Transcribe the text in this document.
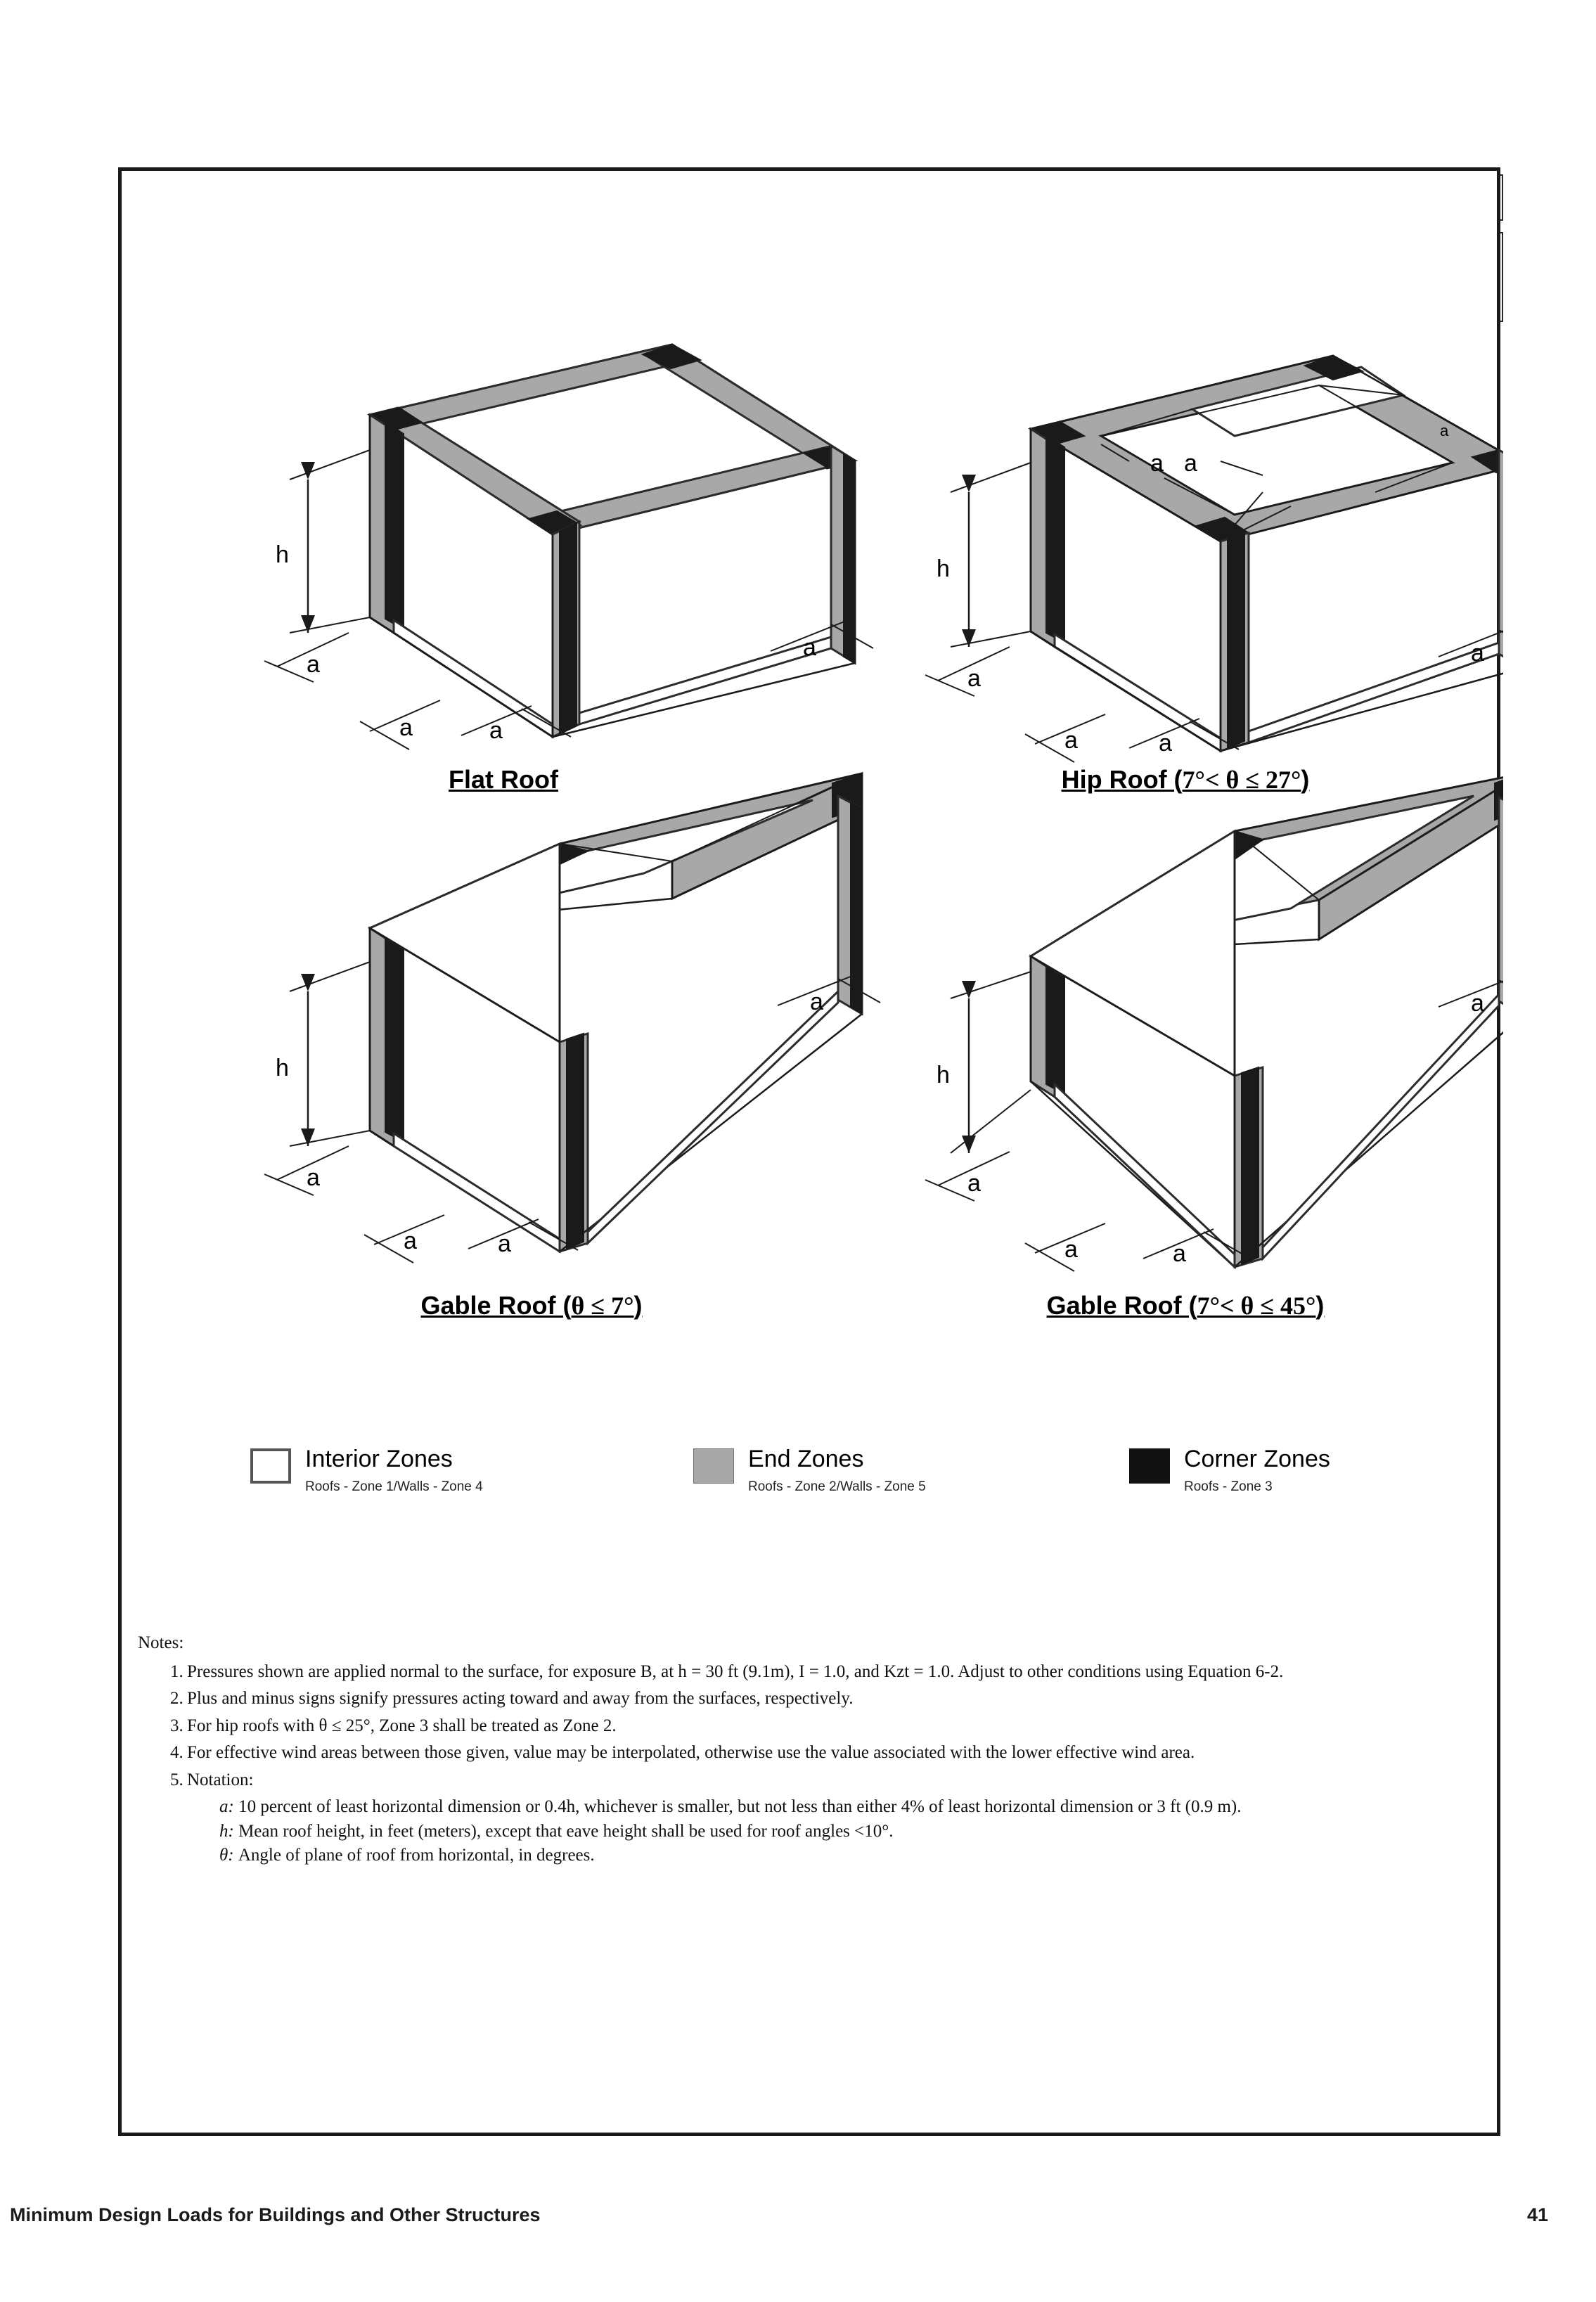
h
a
a	a
a
h
a
a	a
a
a a
a
h
a
a	a
a
h
a
a	a
a
Flat Roof	Hip Roof (7°< θ ≤ 27°)
Gable Roof (θ ≤ 7°)	Gable Roof (7°< θ ≤ 45°)
Interior Zones
Roofs - Zone 1/Walls - Zone 4
End Zones
Roofs - Zone 2/Walls - Zone 5
Corner Zones
Roofs - Zone 3
Notes:
1. Pressures shown are applied normal to the surface, for exposure B, at h = 30 ft (9.1m), I = 1.0, and Kzt = 1.0. Adjust to other conditions using Equation 6-2.
2. Plus and minus signs signify pressures acting toward and away from the surfaces, respectively.
3. For hip roofs with θ ≤ 25°, Zone 3 shall be treated as Zone 2.
4. For effective wind areas between those given, value may be interpolated, otherwise use the value associated with the lower effective wind area.
5. Notation:
a: 10 percent of least horizontal dimension or 0.4h, whichever is smaller, but not less than either 4% of least horizontal dimension or 3 ft (0.9 m).
h: Mean roof height, in feet (meters), except that eave height shall be used for roof angles <10°.
θ: Angle of plane of roof from horizontal, in degrees.
Minimum Design Loads for Buildings and Other Structures	41
